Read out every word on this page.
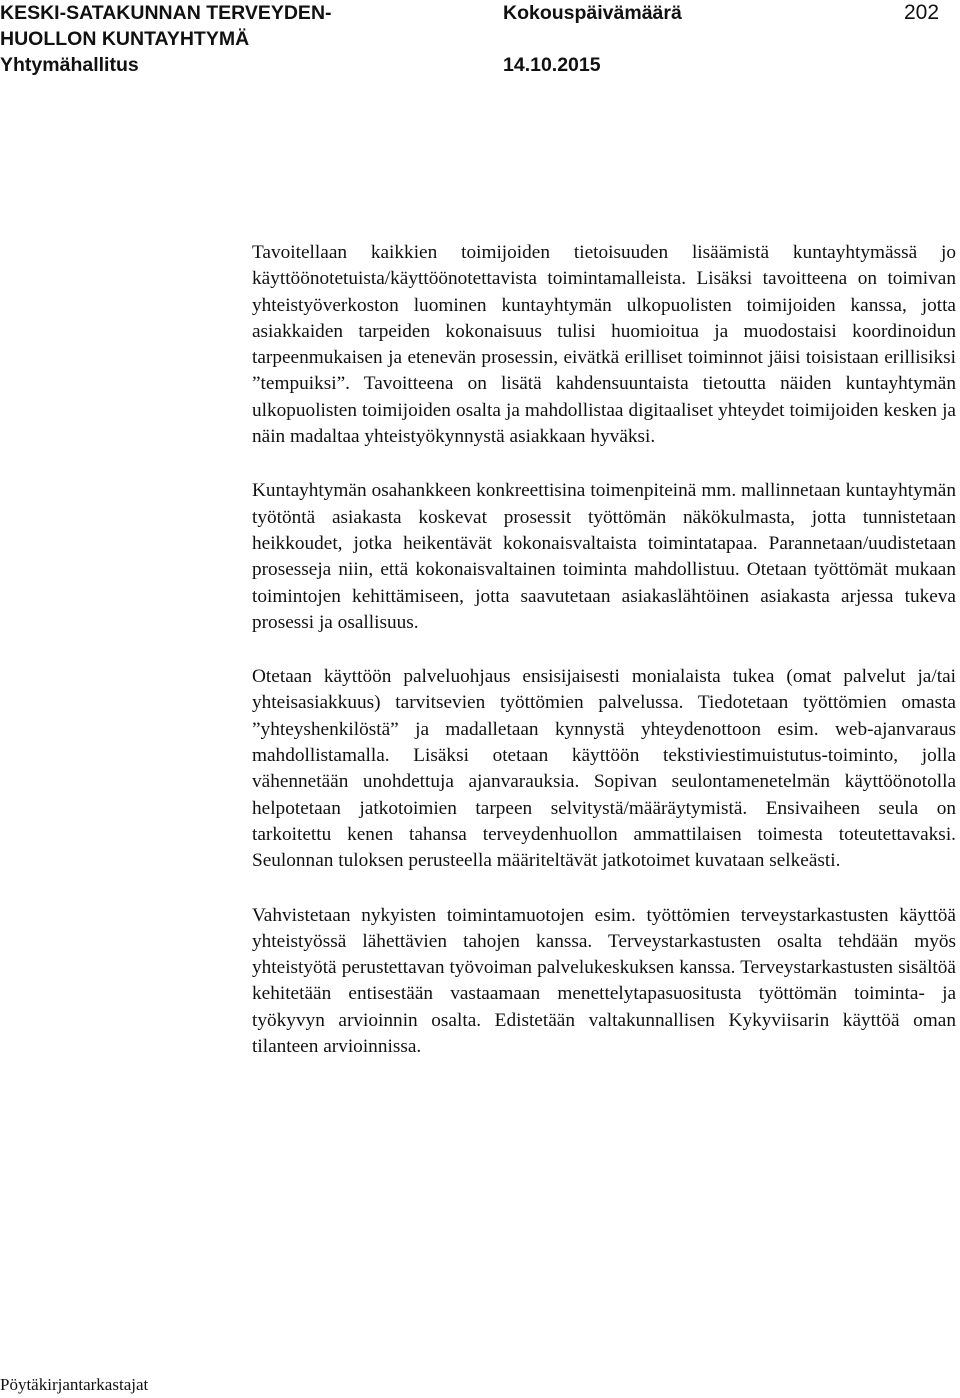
KESKI-SATAKUNNAN TERVEYDEN-

HUOLLON KUNTAYHTYMÄ

Yhtymähallitus

Kokouspäivämäärä

14.10.2015

202

Tavoitellaan kaikkien toimijoiden tietoisuuden lisäämistä kuntayhtymässä jo käyttöönotetuista/käyttöönotettavista toimintamalleista. Lisäksi tavoitteena on toimivan yhteistyöverkoston luominen kuntayhtymän ulkopuolisten toimijoiden kanssa, jotta asiakkaiden tarpeiden kokonaisuus tulisi huomioitua ja muodostaisi koordinoidun tarpeenmukaisen ja etenevän prosessin, eivätkä erilliset toiminnot jäisi toisistaan erillisiksi ”tempuiksi”. Tavoitteena on lisätä kahdensuuntaista tietoutta näiden kuntayhtymän ulkopuolisten toimijoiden osalta ja mahdollistaa digitaaliset yhteydet toimijoiden kesken ja näin madaltaa yhteistyökynnystä asiakkaan hyväksi.

Kuntayhtymän osahankkeen konkreettisina toimenpiteinä mm. mallinnetaan kuntayhtymän työtöntä asiakasta koskevat prosessit työttömän näkökulmasta, jotta tunnistetaan heikkoudet, jotka heikentävät kokonaisvaltaista toimintatapaa. Parannetaan/uudistetaan prosesseja niin, että kokonaisvaltainen toiminta mahdollistuu. Otetaan työttömät mukaan toimintojen kehittämiseen, jotta saavutetaan asiakaslähtöinen asiakasta arjessa tukeva prosessi ja osallisuus.

Otetaan käyttöön palveluohjaus ensisijaisesti monialaista tukea (omat palvelut ja/tai yhteisasiakkuus) tarvitsevien työttömien palvelussa. Tiedotetaan työttömien omasta ”yhteyshenkilöstä” ja madalletaan kynnystä yhteydenottoon esim. web-ajanvaraus mahdollistamalla. Lisäksi otetaan käyttöön tekstiviestimuistutus-toiminto, jolla vähennetään unohdettuja ajanvarauksia. Sopivan seulontamenetelmän käyttöönotolla helpotetaan jatkotoimien tarpeen selvitystä/määräytymistä. Ensivaiheen seula on tarkoitettu kenen tahansa terveydenhuollon ammattilaisen toimesta toteutettavaksi. Seulonnan tuloksen perusteella määriteltävät jatkotoimet kuvataan selkeästi.

Vahvistetaan nykyisten toimintamuotojen esim. työttömien terveystarkastusten käyttöä yhteistyössä lähettävien tahojen kanssa. Terveystarkastusten osalta tehdään myös yhteistyötä perustettavan työvoiman palvelukeskuksen kanssa. Terveystarkastusten sisältöä kehitetään entisestään vastaamaan menettelytapasuositusta työttömän toiminta- ja työkyvyn arvioinnin osalta. Edistetään valtakunnallisen Kykyviisarin käyttöä oman tilanteen arvioinnissa.

Pöytäkirjantarkastajat
